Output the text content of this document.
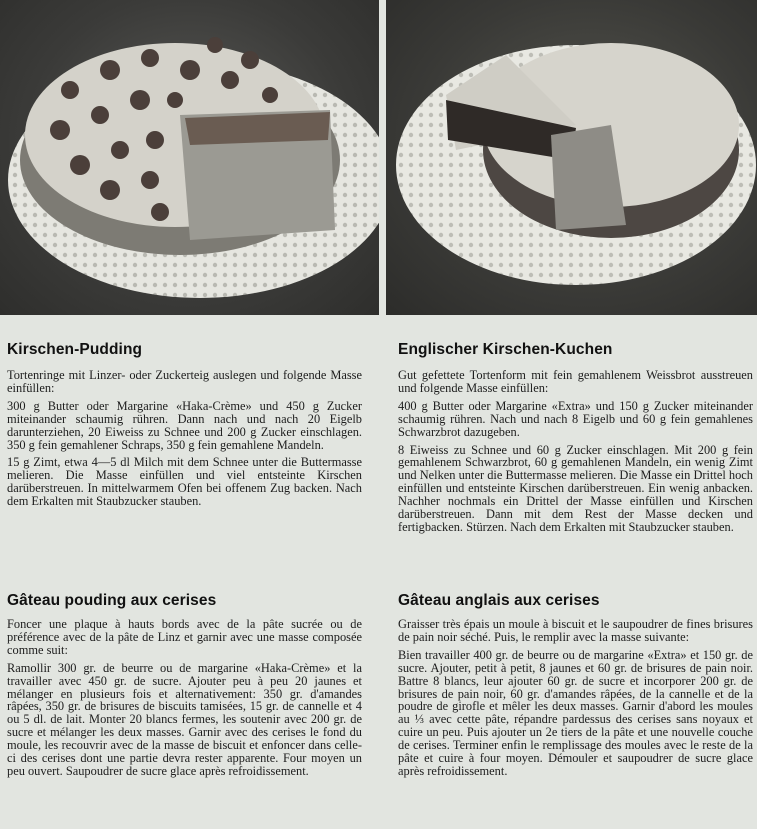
Kirschen-Pudding

Tortenringe mit Linzer- oder Zuckerteig auslegen und folgende Masse einfüllen:

300 g Butter oder Margarine «Haka-Crème» und 450 g Zucker miteinander schaumig rühren. Dann nach und nach 20 Eigelb darunterziehen, 20 Eiweiss zu Schnee und 200 g Zucker einschlagen. 350 g fein gemahlener Schraps, 350 g fein gemahlene Mandeln.

15 g Zimt, etwa 4—5 dl Milch mit dem Schnee unter die Buttermasse melieren. Die Masse einfüllen und viel entsteinte Kirschen darüberstreuen. In mittelwarmem Ofen bei offenem Zug backen. Nach dem Erkalten mit Staubzucker stauben.

Englischer Kirschen-Kuchen

Gut gefettete Tortenform mit fein gemahlenem Weissbrot ausstreuen und folgende Masse einfüllen:

400 g Butter oder Margarine «Extra» und 150 g Zucker miteinander schaumig rühren. Nach und nach 8 Eigelb und 60 g fein gemahlenes Schwarzbrot dazugeben.

8 Eiweiss zu Schnee und 60 g Zucker einschlagen. Mit 200 g fein gemahlenem Schwarzbrot, 60 g gemahlenen Mandeln, ein wenig Zimt und Nelken unter die Buttermasse melieren. Die Masse ein Drittel hoch einfüllen und entsteinte Kirschen darüberstreuen. Ein wenig anbacken. Nachher nochmals ein Drittel der Masse einfüllen und Kirschen darüberstreuen. Dann mit dem Rest der Masse decken und fertigbacken. Stürzen. Nach dem Erkalten mit Staubzucker stauben.

Gâteau pouding aux cerises

Foncer une plaque à hauts bords avec de la pâte sucrée ou de préférence avec de la pâte de Linz et garnir avec une masse composée comme suit:

Ramollir 300 gr. de beurre ou de margarine «Haka-Crème» et la travailler avec 450 gr. de sucre. Ajouter peu à peu 20 jaunes et mélanger en plusieurs fois et alternativement: 350 gr. d'amandes râpées, 350 gr. de brisures de biscuits tamisées, 15 gr. de cannelle et 4 ou 5 dl. de lait. Monter 20 blancs fermes, les soutenir avec 200 gr. de sucre et mélanger les deux masses. Garnir avec des cerises le fond du moule, les recouvrir avec de la masse de biscuit et enfoncer dans celle-ci des cerises dont une partie devra rester apparente. Four moyen un peu ouvert. Saupoudrer de sucre glace après refroidissement.

Gâteau anglais aux cerises

Graisser très épais un moule à biscuit et le saupoudrer de fines brisures de pain noir séché. Puis, le remplir avec la masse suivante:

Bien travailler 400 gr. de beurre ou de margarine «Extra» et 150 gr. de sucre. Ajouter, petit à petit, 8 jaunes et 60 gr. de brisures de pain noir. Battre 8 blancs, leur ajouter 60 gr. de sucre et incorporer 200 gr. de brisures de pain noir, 60 gr. d'amandes râpées, de la cannelle et de la poudre de girofle et mêler les deux masses. Garnir d'abord les moules au ⅓ avec cette pâte, répandre pardessus des cerises sans noyaux et cuire un peu. Puis ajouter un 2e tiers de la pâte et une nouvelle couche de cerises. Terminer enfin le remplissage des moules avec le reste de la pâte et cuire à four moyen. Démouler et saupoudrer de sucre glace après refroidissement.
